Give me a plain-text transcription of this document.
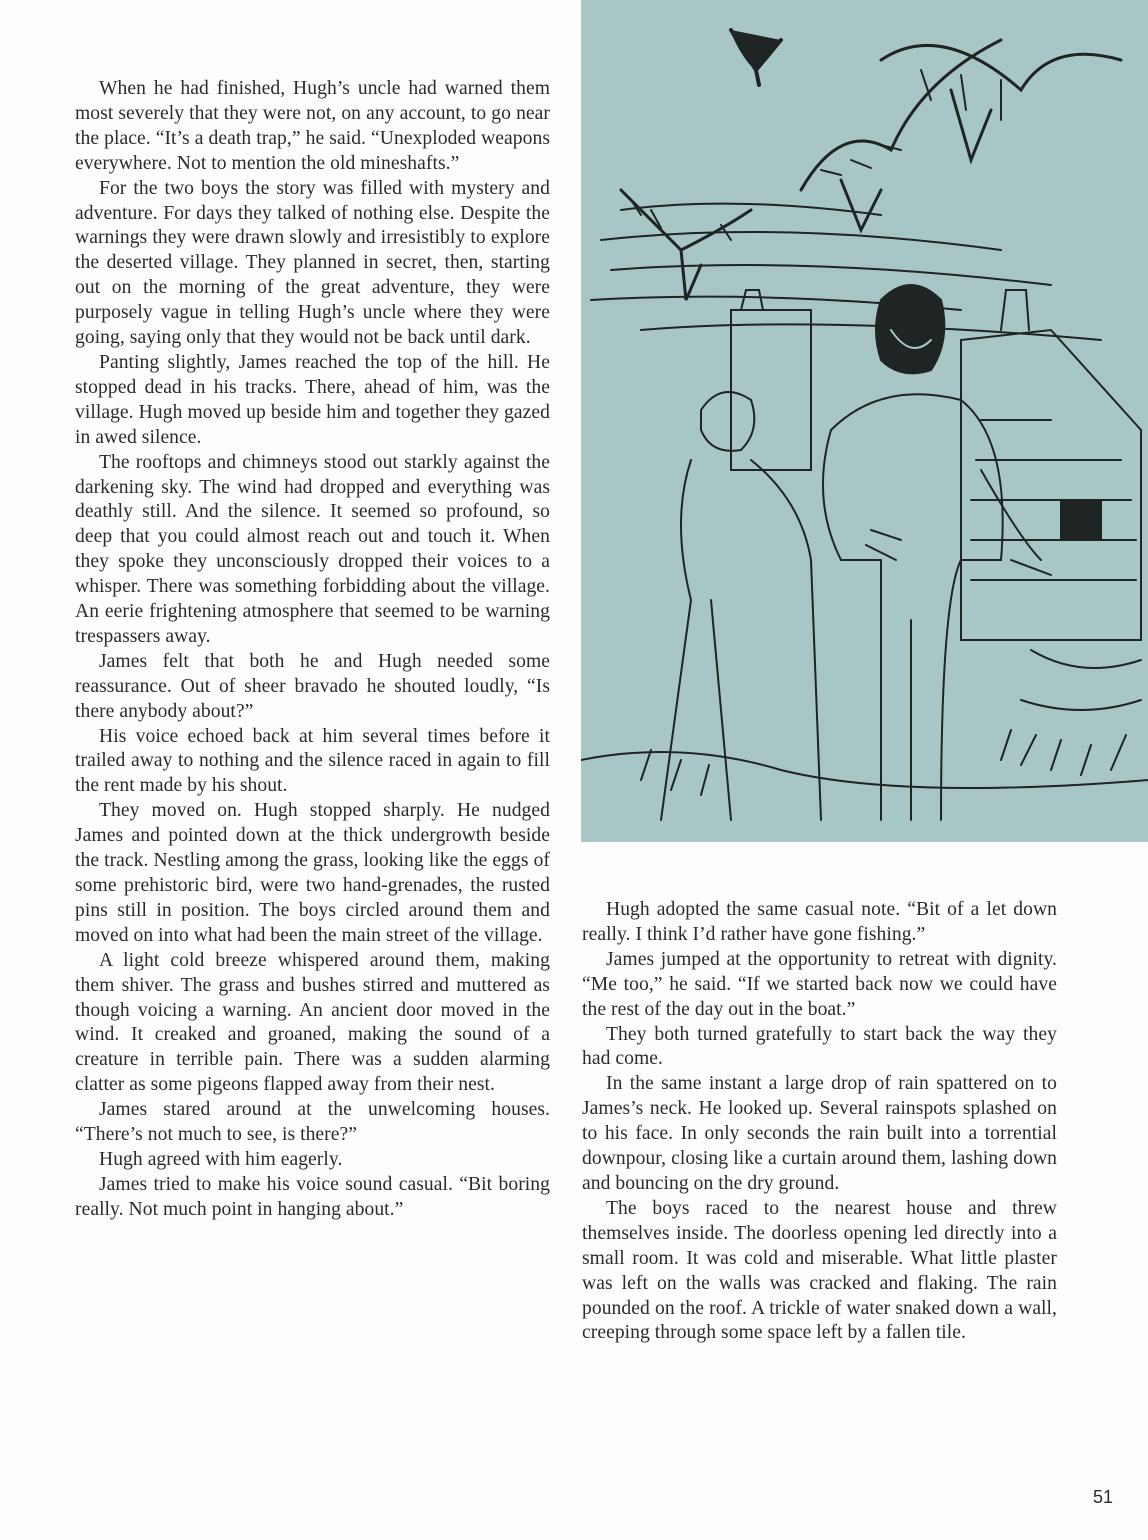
When he had finished, Hugh’s uncle had warned them most severely that they were not, on any account, to go near the place. “It’s a death trap,” he said. “Unexploded weapons everywhere. Not to mention the old mineshafts.”

For the two boys the story was filled with mystery and adventure. For days they talked of nothing else. Despite the warnings they were drawn slowly and irresistibly to explore the deserted village. They planned in secret, then, starting out on the morning of the great adventure, they were purposely vague in telling Hugh’s uncle where they were going, saying only that they would not be back until dark.

Panting slightly, James reached the top of the hill. He stopped dead in his tracks. There, ahead of him, was the village. Hugh moved up beside him and together they gazed in awed silence.

The rooftops and chimneys stood out starkly against the darkening sky. The wind had dropped and everything was deathly still. And the silence. It seemed so profound, so deep that you could almost reach out and touch it. When they spoke they unconsciously dropped their voices to a whisper. There was something forbidding about the village. An eerie frightening atmosphere that seemed to be warning trespassers away.

James felt that both he and Hugh needed some reassurance. Out of sheer bravado he shouted loudly, “Is there anybody about?”

His voice echoed back at him several times before it trailed away to nothing and the silence raced in again to fill the rent made by his shout.

They moved on. Hugh stopped sharply. He nudged James and pointed down at the thick undergrowth beside the track. Nestling among the grass, looking like the eggs of some prehistoric bird, were two hand-grenades, the rusted pins still in position. The boys circled around them and moved on into what had been the main street of the village.

A light cold breeze whispered around them, making them shiver. The grass and bushes stirred and muttered as though voicing a warning. An ancient door moved in the wind. It creaked and groaned, making the sound of a creature in terrible pain. There was a sudden alarming clatter as some pigeons flapped away from their nest.

James stared around at the unwelcoming houses. “There’s not much to see, is there?”

Hugh agreed with him eagerly.

James tried to make his voice sound casual. “Bit boring really. Not much point in hanging about.”

Hugh adopted the same casual note. “Bit of a let down really. I think I’d rather have gone fishing.”

James jumped at the opportunity to retreat with dignity. “Me too,” he said. “If we started back now we could have the rest of the day out in the boat.”

They both turned gratefully to start back the way they had come.

In the same instant a large drop of rain spattered on to James’s neck. He looked up. Several rainspots splashed on to his face. In only seconds the rain built into a torrential downpour, closing like a curtain around them, lashing down and bouncing on the dry ground.

The boys raced to the nearest house and threw themselves inside. The doorless opening led directly into a small room. It was cold and miserable. What little plaster was left on the walls was cracked and flaking. The rain pounded on the roof. A trickle of water snaked down a wall, creeping through some space left by a fallen tile.

51
